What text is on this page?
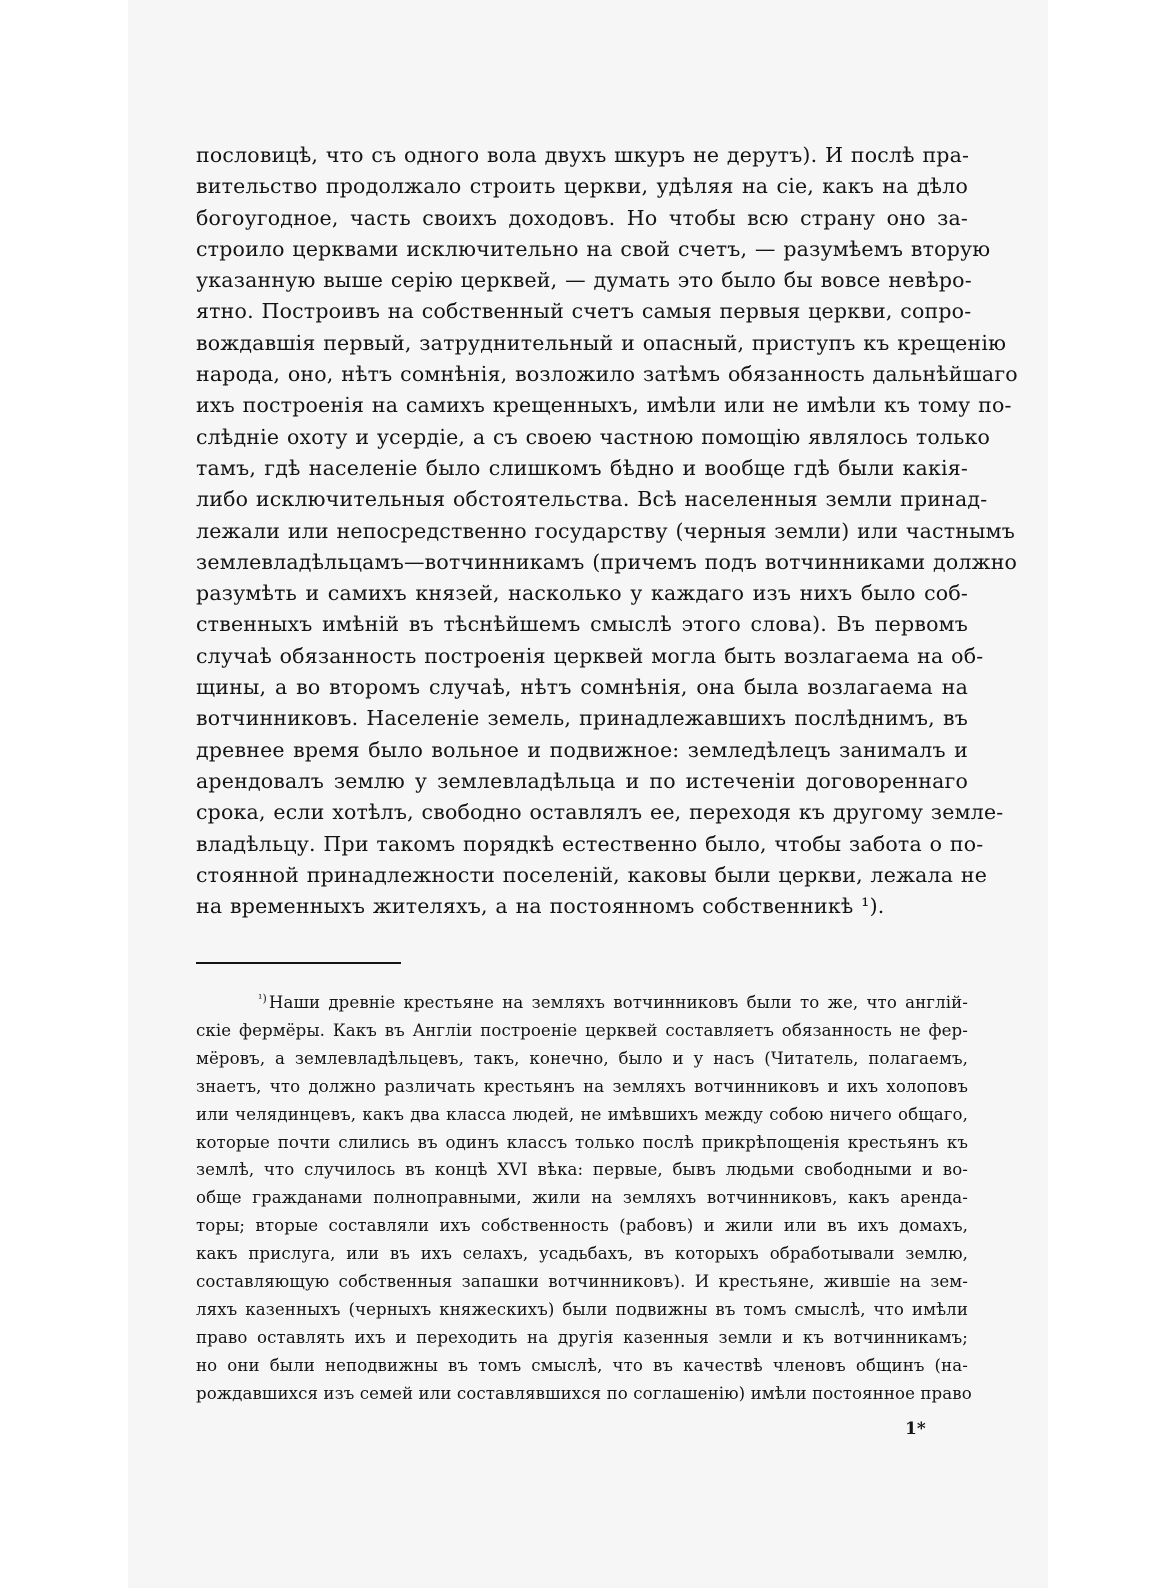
пословицѣ, что съ одного вола двухъ шкуръ не дерутъ). И послѣ пра-
вительство продолжало строить церкви, удѣляя на сіе, какъ на дѣло
богоугодное, часть своихъ доходовъ. Но чтобы всю страну оно за-
строило церквами исключительно на свой счетъ, — разумѣемъ вторую
указанную выше серію церквей, — думать это было бы вовсе невѣро-
ятно. Построивъ на собственный счетъ самыя первыя церкви, сопро-
вождавшія первый, затруднительный и опасный, приступъ къ крещенію
народа, оно, нѣтъ сомнѣнія, возложило затѣмъ обязанность дальнѣйшаго
ихъ построенія на самихъ крещенныхъ, имѣли или не имѣли къ тому по-
слѣдніе охоту и усердіе, а съ своею частною помощію являлось только
тамъ, гдѣ населеніе было слишкомъ бѣдно и вообще гдѣ были какія-
либо исключительныя обстоятельства. Всѣ населенныя земли принад-
лежали или непосредственно государству (черныя земли) или частнымъ
землевладѣльцамъ—вотчинникамъ (причемъ подъ вотчинниками должно
разумѣть и самихъ князей, насколько у каждаго изъ нихъ было соб-
ственныхъ имѣній въ тѣснѣйшемъ смыслѣ этого слова). Въ первомъ
случаѣ обязанность построенія церквей могла быть возлагаема на об-
щины, а во второмъ случаѣ, нѣтъ сомнѣнія, она была возлагаема на
вотчинниковъ. Населеніе земель, принадлежавшихъ послѣднимъ, въ
древнее время было вольное и подвижное: земледѣлецъ занималъ и
арендовалъ землю у землевладѣльца и по истеченіи договореннаго
срока, если хотѣлъ, свободно оставлялъ ее, переходя къ другому земле-
владѣльцу. При такомъ порядкѣ естественно было, чтобы забота о по-
стоянной принадлежности поселеній, каковы были церкви, лежала не
на временныхъ жителяхъ, а на постоянномъ собственникѣ ¹).
$^{^1)}$ Наши древніе крестьяне на земляхъ вотчинниковъ были то же, что англій-
скіе фермёры. Какъ въ Англіи построеніе церквей составляетъ обязанность не фер-
мёровъ, а землевладѣльцевъ, такъ, конечно, было и у насъ (Читатель, полагаемъ,
знаетъ, что должно различать крестьянъ на земляхъ вотчинниковъ и ихъ холоповъ
или челядинцевъ, какъ два класса людей, не имѣвшихъ между собою ничего общаго,
которые почти слились въ одинъ классъ только послѣ прикрѣпощенія крестьянъ къ
землѣ, что случилось въ концѣ XVI вѣка: первые, бывъ людьми свободными и во-
обще гражданами полноправными, жили на земляхъ вотчинниковъ, какъ аренда-
торы; вторые составляли ихъ собственность (рабовъ) и жили или въ ихъ домахъ,
какъ прислуга, или въ ихъ селахъ, усадьбахъ, въ которыхъ обработывали землю,
составляющую собственныя запашки вотчинниковъ). И крестьяне, жившіе на зем-
ляхъ казенныхъ (черныхъ княжескихъ) были подвижны въ томъ смыслѣ, что имѣли
право оставлять ихъ и переходить на другія казенныя земли и къ вотчинникамъ;
но они были неподвижны въ томъ смыслѣ, что въ качествѣ членовъ общинъ (на-
рождавшихся изъ семей или составлявшихся по соглашенію) имѣли постоянное право
1*
